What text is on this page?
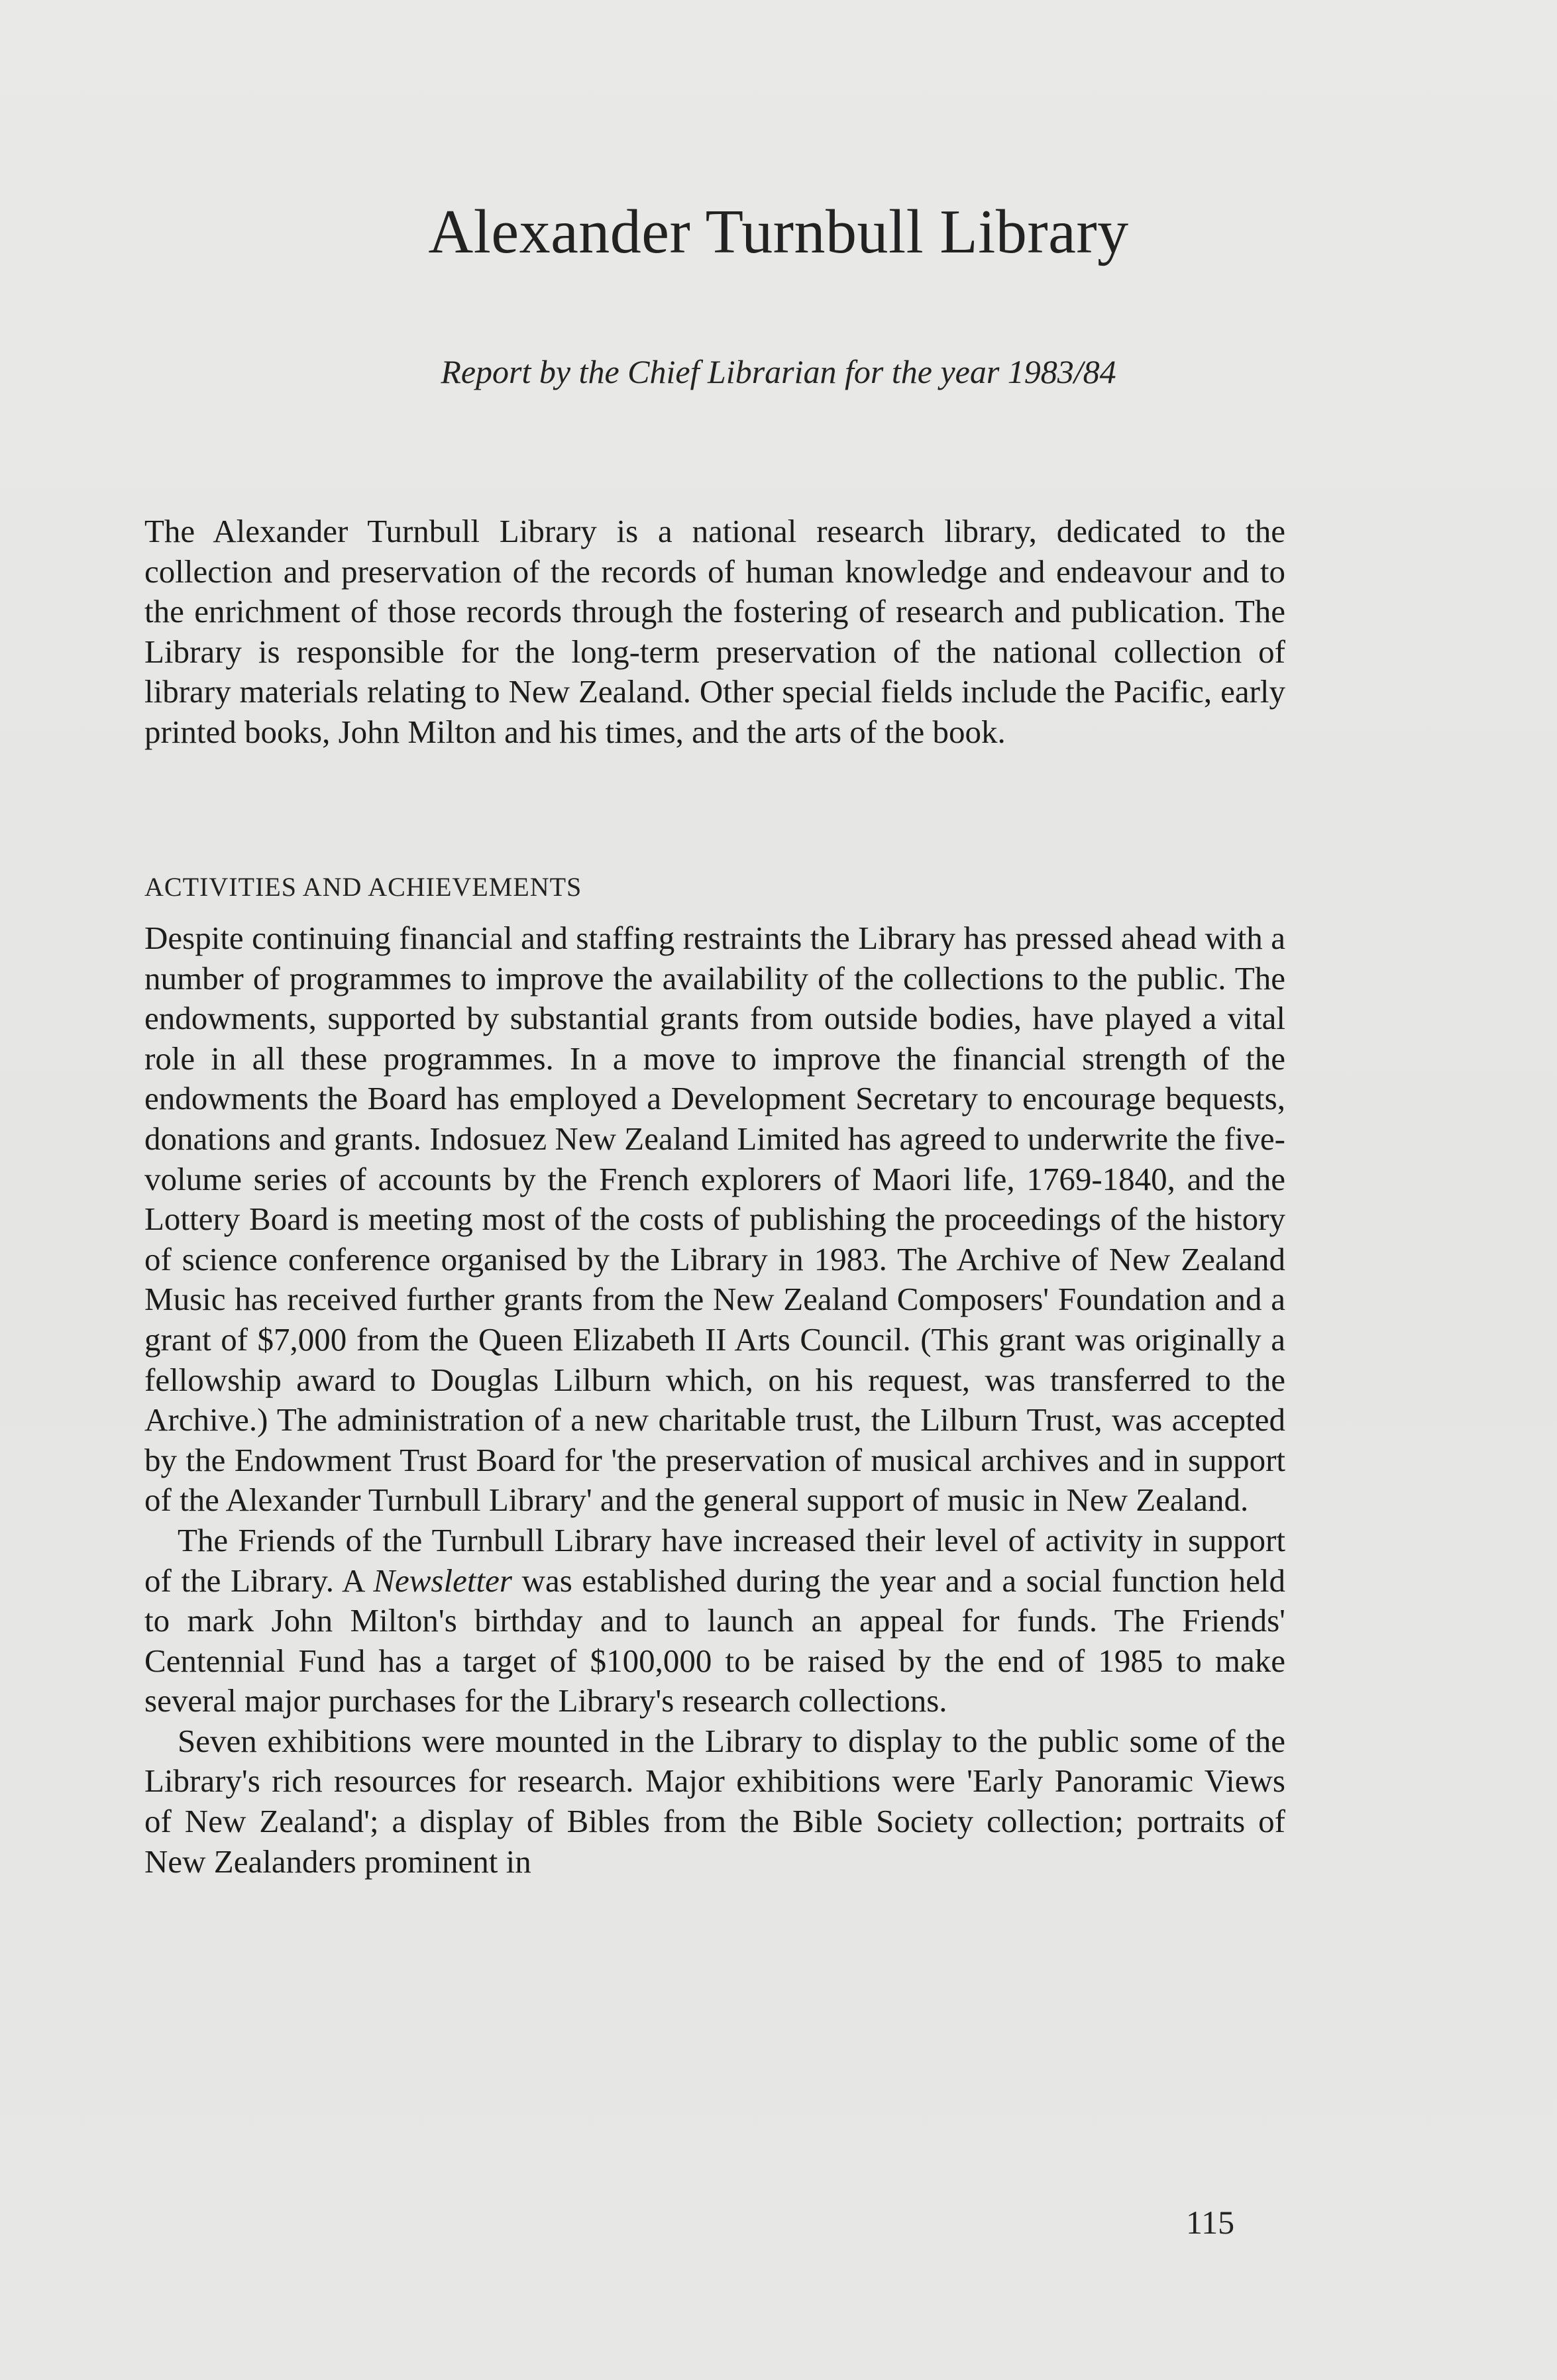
Alexander Turnbull Library
Report by the Chief Librarian for the year 1983/84

The Alexander Turnbull Library is a national research library, dedicated to the collection and preservation of the records of human knowledge and endeavour and to the enrichment of those records through the fostering of research and publication. The Library is responsible for the long-term preservation of the national collection of library materials relating to New Zealand. Other special fields include the Pacific, early printed books, John Milton and his times, and the arts of the book.

ACTIVITIES AND ACHIEVEMENTS

Despite continuing financial and staffing restraints the Library has pressed ahead with a number of programmes to improve the availability of the collections to the public. The endowments, supported by substantial grants from outside bodies, have played a vital role in all these programmes. In a move to improve the financial strength of the endowments the Board has employed a Development Secretary to encourage bequests, donations and grants. Indosuez New Zealand Limited has agreed to underwrite the five-volume series of accounts by the French explorers of Maori life, 1769-1840, and the Lottery Board is meeting most of the costs of publishing the proceedings of the history of science conference organised by the Library in 1983. The Archive of New Zealand Music has received further grants from the New Zealand Composers' Foundation and a grant of $7,000 from the Queen Elizabeth II Arts Council. (This grant was originally a fellowship award to Douglas Lilburn which, on his request, was transferred to the Archive.) The administration of a new charitable trust, the Lilburn Trust, was accepted by the Endowment Trust Board for 'the preservation of musical archives and in support of the Alexander Turnbull Library' and the general support of music in New Zealand.

The Friends of the Turnbull Library have increased their level of activity in support of the Library. A Newsletter was established during the year and a social function held to mark John Milton's birthday and to launch an appeal for funds. The Friends' Centennial Fund has a target of $100,000 to be raised by the end of 1985 to make several major purchases for the Library's research collections.

Seven exhibitions were mounted in the Library to display to the public some of the Library's rich resources for research. Major exhibitions were 'Early Panoramic Views of New Zealand'; a display of Bibles from the Bible Society collection; portraits of New Zealanders prominent in

115
